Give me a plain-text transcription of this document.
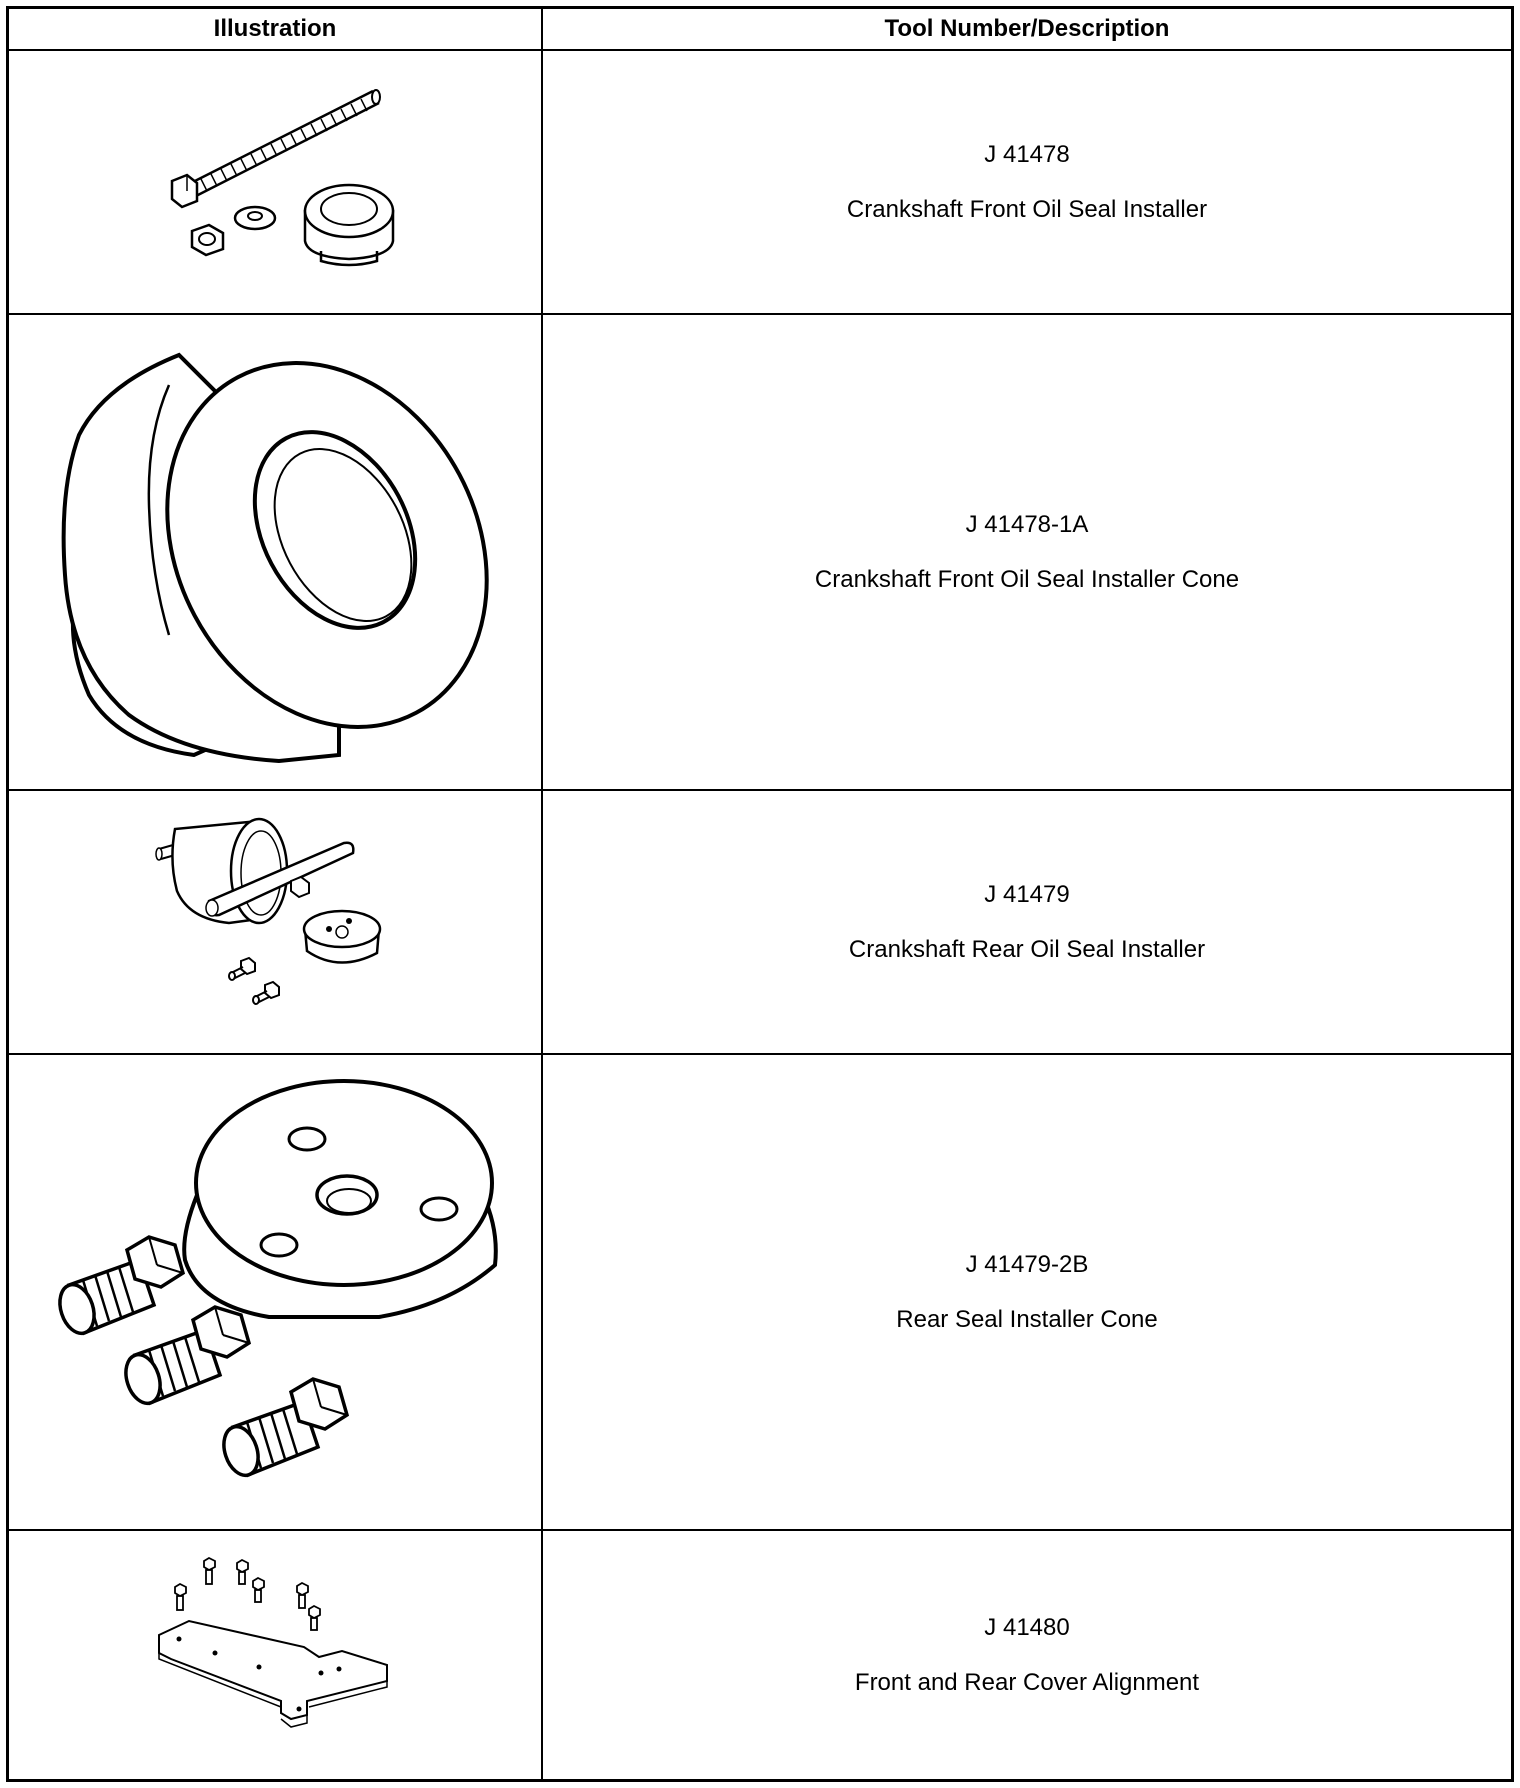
Illustration	Tool Number/Description
J 41478
Crankshaft Front Oil Seal Installer
J 41478-1A
Crankshaft Front Oil Seal Installer Cone
J 41479
Crankshaft Rear Oil Seal Installer
J 41479-2B
Rear Seal Installer Cone
J 41480
Front and Rear Cover Alignment
